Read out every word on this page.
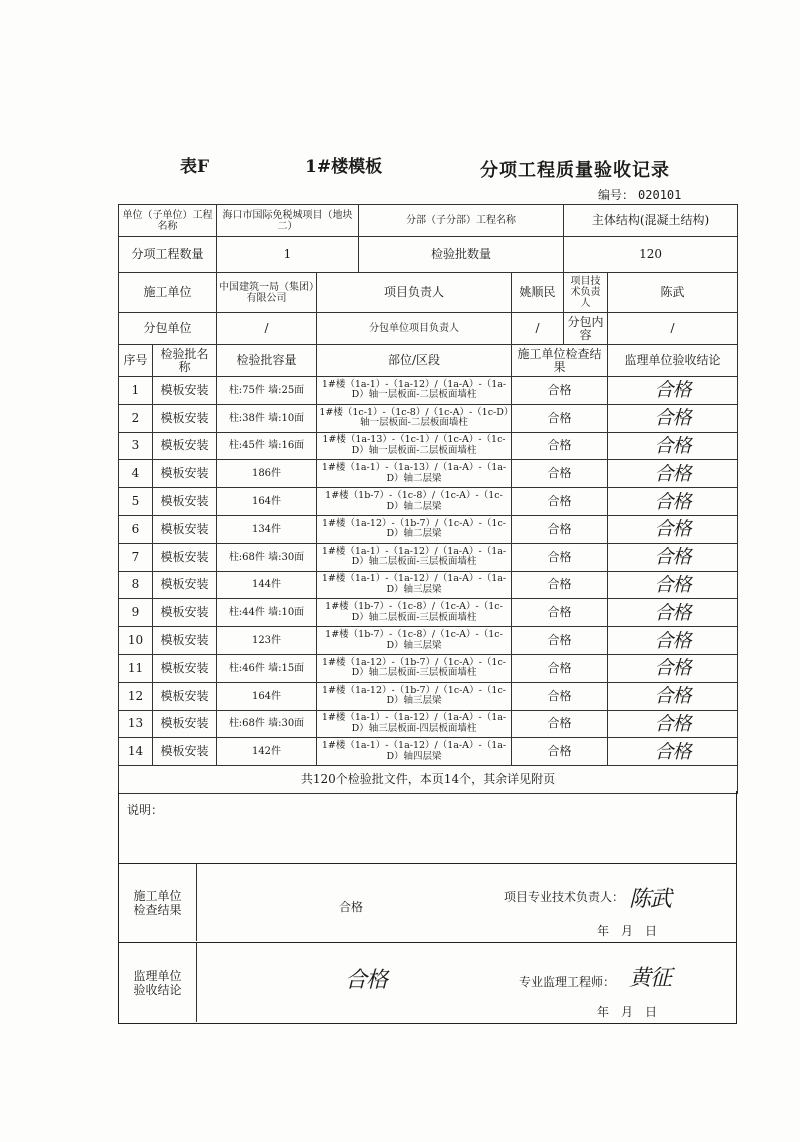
表F	1#楼模板	分项工程质量验收记录
编号： 020101
单位（子单位）工程名称		海口市国际免税城项目（地块二）		分部（子分部）工程名称		主体结构(混凝土结构)	
分项工程数量		1		检验批数量		120	
施工单位		中国建筑一局（集团）有限公司	项目负责人		姚顺民	项目技术负责人	陈武
分包单位		/	分包单位项目负责人		/	分包内容	/
序号	检验批名称	检验批容量	部位/区段		施工单位检查结果		监理单位验收结论
1	模板安装	柱:75件 墙:25面	1#楼（1a-1）-（1a-12）/（1a-A）-（1a-D）轴一层板面-二层板面墙柱		合格		合格
2	模板安装	柱:38件 墙:10面	1#楼（1c-1）-（1c-8）/（1c-A）-（1c-D）轴一层板面-二层板面墙柱		合格		合格
3	模板安装	柱:45件 墙:16面	1#楼（1a-13）-（1c-1）/（1c-A）-（1c-D）轴一层板面-二层板面墙柱		合格		合格
4	模板安装	186件	1#楼（1a-1）-（1a-13）/（1a-A）-（1a-D）轴二层梁		合格		合格
5	模板安装	164件	1#楼（1b-7）-（1c-8）/（1c-A）-（1c-D）轴二层梁		合格		合格
6	模板安装	134件	1#楼（1a-12）-（1b-7）/（1c-A）-（1c-D）轴二层梁		合格		合格
7	模板安装	柱:68件 墙:30面	1#楼（1a-1）-（1a-12）/（1a-A）-（1a-D）轴二层板面-三层板面墙柱		合格		合格
8	模板安装	144件	1#楼（1a-1）-（1a-12）/（1a-A）-（1a-D）轴三层梁		合格		合格
9	模板安装	柱:44件 墙:10面	1#楼（1b-7）-（1c-8）/（1c-A）-（1c-D）轴二层板面-三层板面墙柱		合格		合格
10	模板安装	123件	1#楼（1b-7）-（1c-8）/（1c-A）-（1c-D）轴三层梁		合格		合格
11	模板安装	柱:46件 墙:15面	1#楼（1a-12）-（1b-7）/（1c-A）-（1c-D）轴二层板面-三层板面墙柱		合格		合格
12	模板安装	164件	1#楼（1a-12）-（1b-7）/（1c-A）-（1c-D）轴三层梁		合格		合格
13	模板安装	柱:68件 墙:30面	1#楼（1a-1）-（1a-12）/（1a-A）-（1a-D）轴三层板面-四层板面墙柱		合格		合格
14	模板安装	142件	1#楼（1a-1）-（1a-12）/（1a-A）-（1a-D）轴四层梁		合格		合格
共120个检验批文件，本页14个，其余详见附页							
说明：
施工单位检查结果	合格
项目专业技术负责人： 陈武
年　月　日
监理单位验收结论	合格	专业监理工程师： 黄征
年　月　日
